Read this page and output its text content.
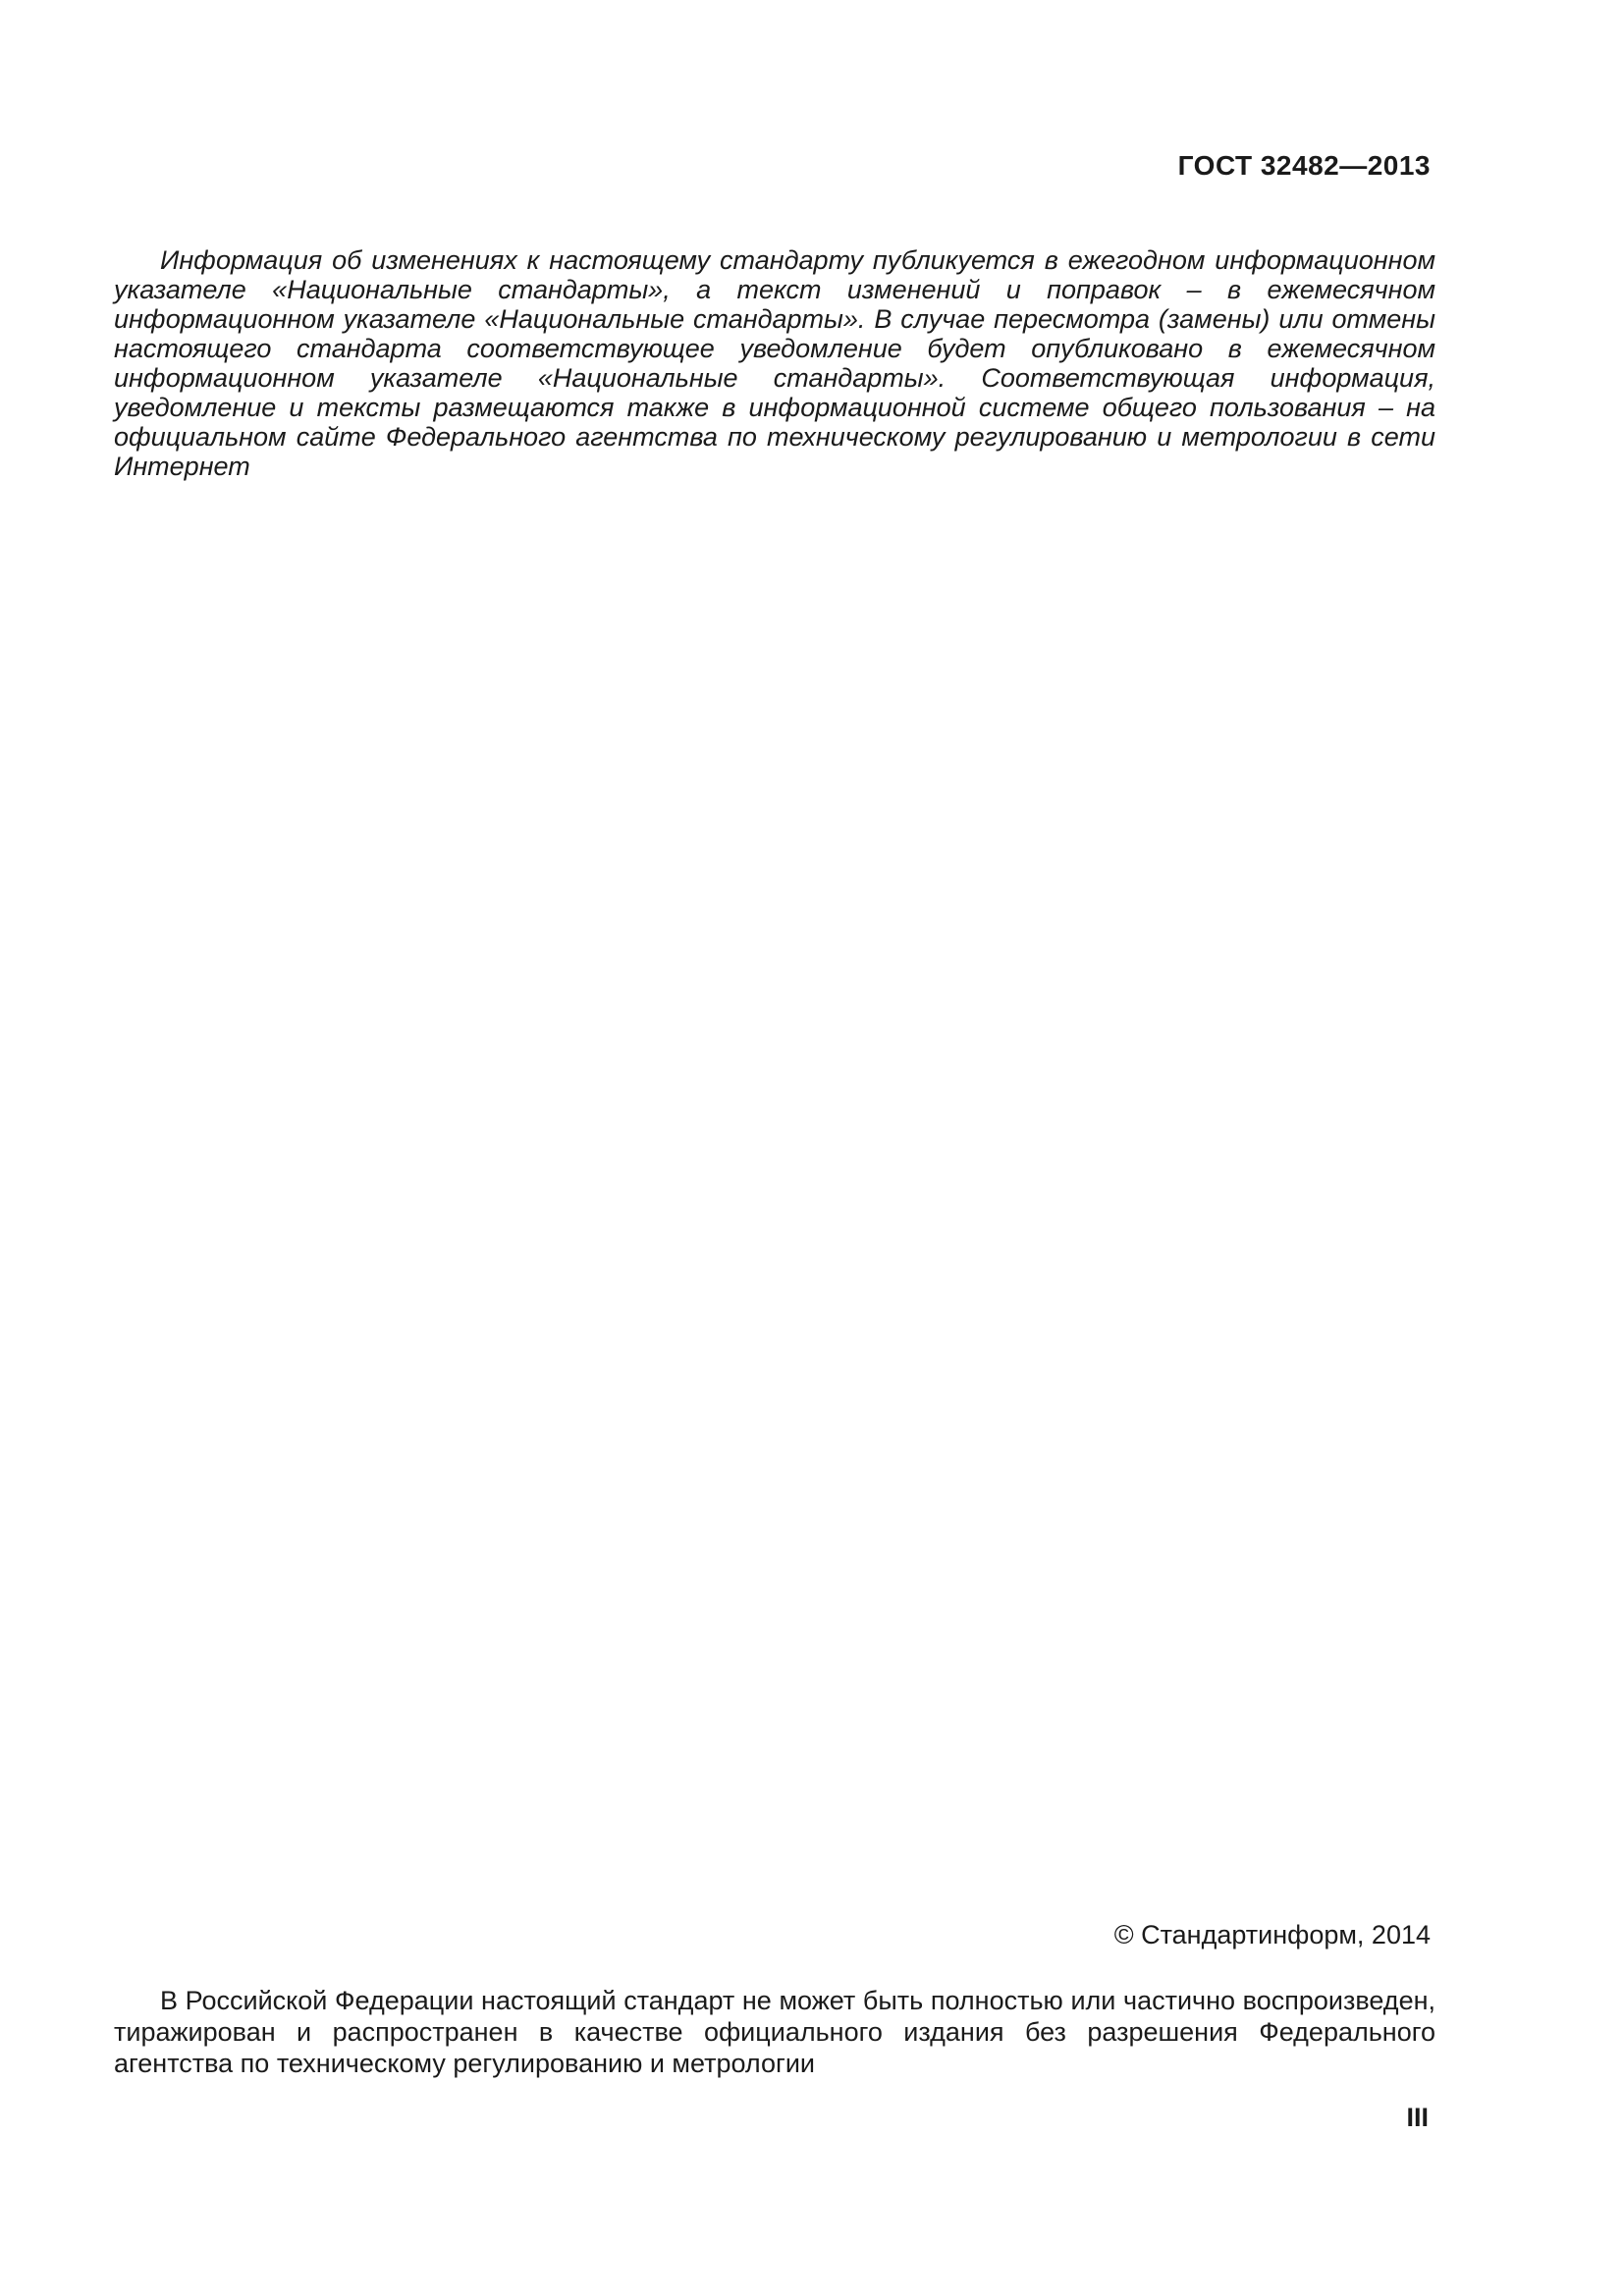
ГОСТ 32482—2013

Информация об изменениях к настоящему стандарту публикуется в ежегодном информационном указателе «Национальные стандарты», а текст изменений и поправок – в ежемесячном информационном указателе «Национальные стандарты». В случае пересмотра (замены) или отмены настоящего стандарта соответствующее уведомление будет опубликовано в ежемесячном информационном указателе «Национальные стандарты». Соответствующая информация, уведомление и тексты размещаются также в информационной системе общего пользования – на официальном сайте Федерального агентства по техническому регулированию и метрологии в сети Интернет

© Стандартинформ, 2014

В Российской Федерации настоящий стандарт не может быть полностью или частично воспроизведен, тиражирован и распространен в качестве официального издания без разрешения Федерального агентства по техническому регулированию и метрологии

III
